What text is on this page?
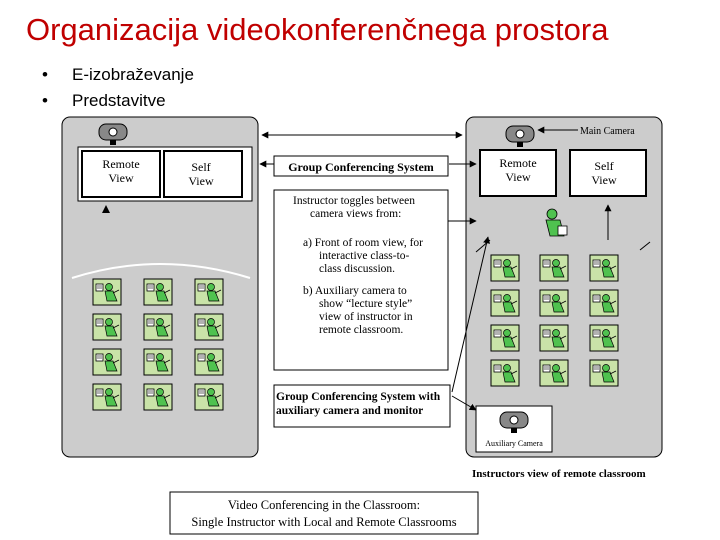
Organizacija videokonferenčnega prostora
• E-izobraževanje
• Predstavitve
Remote
View
Self
View
Main Camera
Remote
View
Self
View
Auxiliary Camera
Group Conferencing System
Instructor toggles between
camera views from:
a) Front of room view, for
interactive class-to-
class discussion.
b) Auxiliary camera to
show “lecture style”
view of instructor in
remote classroom.
Group Conferencing System with
auxiliary camera and monitor
Instructors view of remote classroom
Video Conferencing in the Classroom:
Single Instructor with Local and Remote Classrooms
